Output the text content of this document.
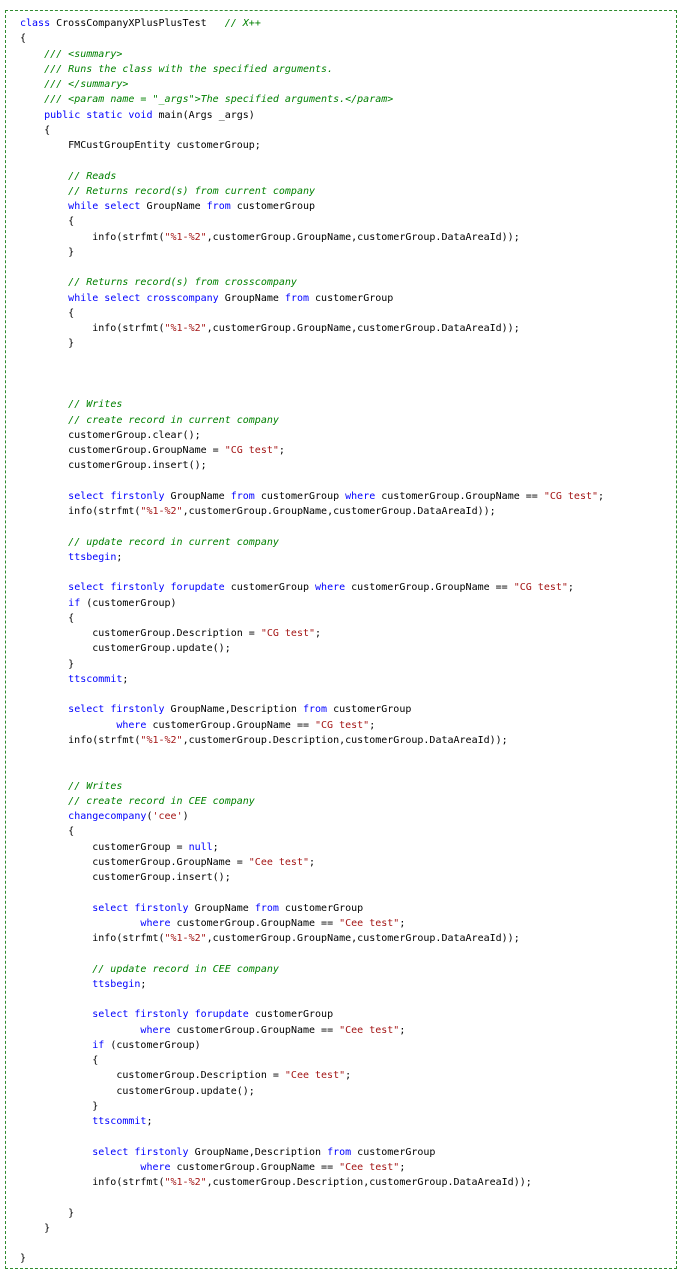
class CrossCompanyXPlusPlusTest   // X++
{
/// <summary>
/// Runs the class with the specified arguments.
/// </summary>
/// <param name = "_args">The specified arguments.</param>
public static void main(Args _args)
{
FMCustGroupEntity customerGroup;

// Reads
// Returns record(s) from current company
while select GroupName from customerGroup
{
info(strfmt("%1-%2",customerGroup.GroupName,customerGroup.DataAreaId));
}

// Returns record(s) from crosscompany
while select crosscompany GroupName from customerGroup
{
info(strfmt("%1-%2",customerGroup.GroupName,customerGroup.DataAreaId));
}

// Writes
// create record in current company
customerGroup.clear();
customerGroup.GroupName = "CG test";
customerGroup.insert();

select firstonly GroupName from customerGroup where customerGroup.GroupName == "CG test";
info(strfmt("%1-%2",customerGroup.GroupName,customerGroup.DataAreaId));

// update record in current company
ttsbegin;

select firstonly forupdate customerGroup where customerGroup.GroupName == "CG test";
if (customerGroup)
{
customerGroup.Description = "CG test";
customerGroup.update();
}
ttscommit;

select firstonly GroupName,Description from customerGroup
where customerGroup.GroupName == "CG test";
info(strfmt("%1-%2",customerGroup.Description,customerGroup.DataAreaId));

// Writes
// create record in CEE company
changecompany('cee')
{
customerGroup = null;
customerGroup.GroupName = "Cee test";
customerGroup.insert();

select firstonly GroupName from customerGroup
where customerGroup.GroupName == "Cee test";
info(strfmt("%1-%2",customerGroup.GroupName,customerGroup.DataAreaId));

// update record in CEE company
ttsbegin;

select firstonly forupdate customerGroup
where customerGroup.GroupName == "Cee test";
if (customerGroup)
{
customerGroup.Description = "Cee test";
customerGroup.update();
}
ttscommit;

select firstonly GroupName,Description from customerGroup
where customerGroup.GroupName == "Cee test";
info(strfmt("%1-%2",customerGroup.Description,customerGroup.DataAreaId));

}
}

}
